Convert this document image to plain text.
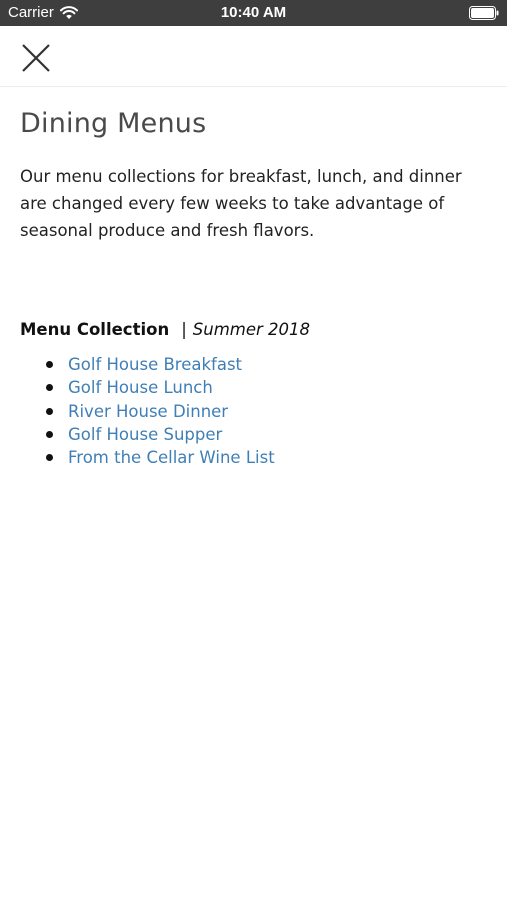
Carrier	10:40 AM
Dining Menus

Our menu collections for breakfast, lunch, and dinner are changed every few weeks to take advantage of seasonal produce and fresh flavors.

Menu Collection | Summer 2018
Golf House Breakfast
Golf House Lunch
River House Dinner
Golf House Supper
From the Cellar Wine List
